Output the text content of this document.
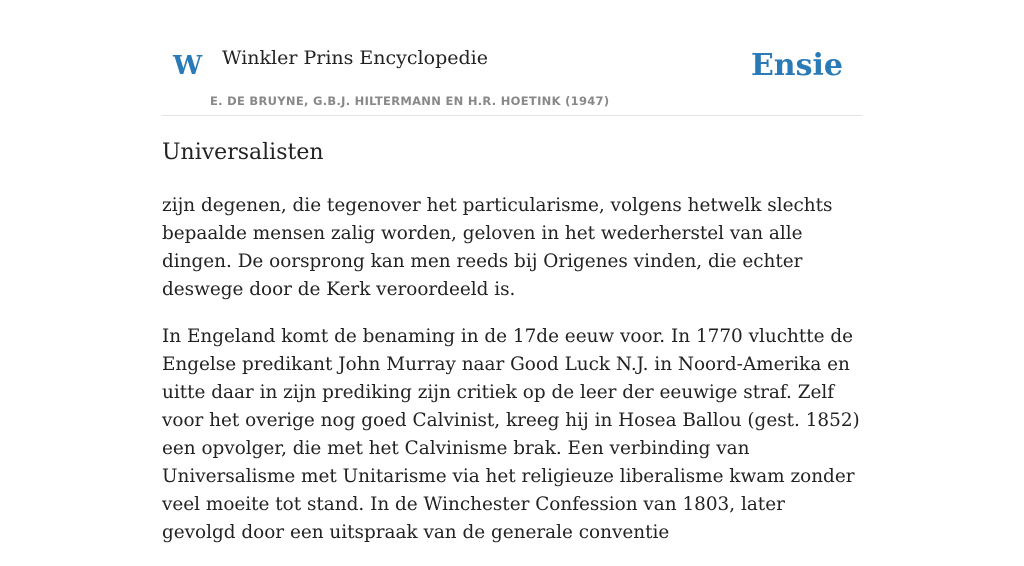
W Winkler Prins Encyclopedie
E. DE BRUYNE, G.B.J. HILTERMANN EN H.R. HOETINK (1947)
Ensie
Universalisten

zijn degenen, die tegenover het particularisme, volgens hetwelk slechts bepaalde mensen zalig worden, geloven in het wederherstel van alle dingen. De oorsprong kan men reeds bij Origenes vinden, die echter deswege door de Kerk veroordeeld is.

In Engeland komt de benaming in de 17de eeuw voor. In 1770 vluchtte de Engelse predikant John Murray naar Good Luck N.J. in Noord-Amerika en uitte daar in zijn prediking zijn critiek op de leer der eeuwige straf. Zelf voor het overige nog goed Calvinist, kreeg hij in Hosea Ballou (gest. 1852) een opvolger, die met het Calvinisme brak. Een verbinding van Universalisme met Unitarisme via het religieuze liberalisme kwam zonder veel moeite tot stand. In de Winchester Confession van 1803, later gevolgd door een uitspraak van de generale conventie
